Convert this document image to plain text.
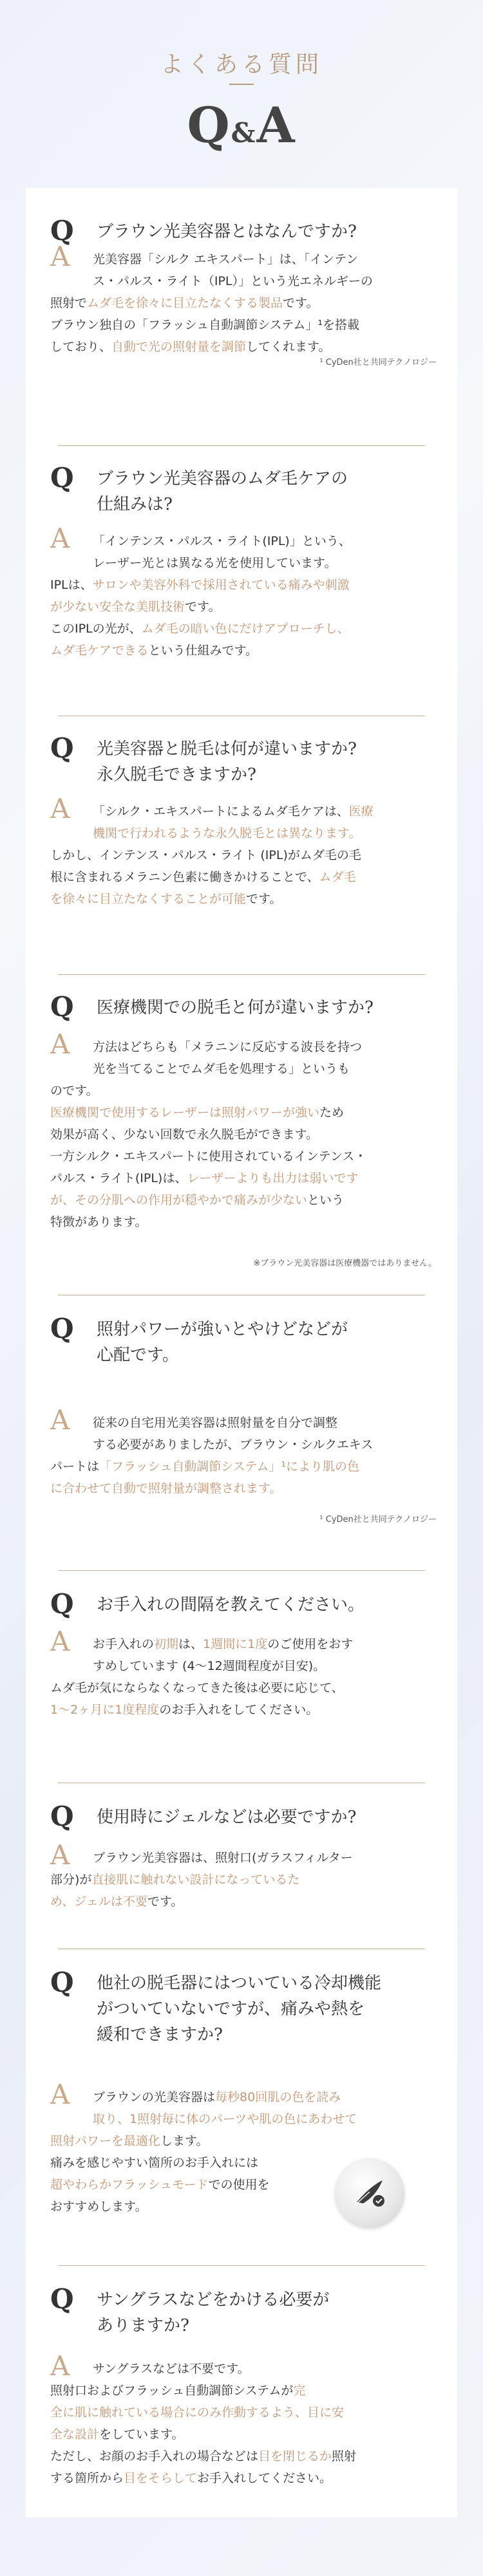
よくある質問
Q&A
Q ブラウン光美容器とはなんですか?
A	光美容器「シルク エキスパート」は、「インテン

ス・パルス・ライト（IPL）」という光エネルギーの

照射でムダ毛を徐々に目立たなくする製品です。

ブラウン独自の「フラッシュ自動調節システム」¹を搭載

しており、自動で光の照射量を調節してくれます。

¹ CyDen社と共同テクノロジー
Q ブラウン光美容器のムダ毛ケアの
仕組みは?
A	「インテンス・パルス・ライト(IPL)」という、

レーザー光とは異なる光を使用しています。

IPLは、サロンや美容外科で採用されている痛みや刺激

が少ない安全な美肌技術です。

このIPLの光が、ムダ毛の暗い色にだけアプローチし、

ムダ毛ケアできるという仕組みです。

Q 光美容器と脱毛は何が違いますか?
永久脱毛できますか?
A	「シルク・エキスパートによるムダ毛ケアは、医療

機関で行われるような永久脱毛とは異なります。

しかし、インテンス・パルス・ライト (IPL)がムダ毛の毛

根に含まれるメラニン色素に働きかけることで、ムダ毛

を徐々に目立たなくすることが可能です。

Q 医療機関での脱毛と何が違いますか?
A	方法はどちらも「メラニンに反応する波長を持つ

光を当てることでムダ毛を処理する」というも

のです。

医療機関で使用するレーザーは照射パワーが強いため

効果が高く、少ない回数で永久脱毛ができます。

一方シルク・エキスパートに使用されているインテンス・

パルス・ライト(IPL)は、レーザーよりも出力は弱いです

が、その分肌への作用が穏やかで痛みが少ないという

特徴があります。

※ブラウン光美容器は医療機器ではありません。
Q 照射パワーが強いとやけどなどが
心配です。
A	従来の自宅用光美容器は照射量を自分で調整

する必要がありましたが、ブラウン・シルクエキス

パートは「フラッシュ自動調節システム」¹により肌の色

に合わせて自動で照射量が調整されます。

¹ CyDen社と共同テクノロジー
Q お手入れの間隔を教えてください。
A	お手入れの初期は、1週間に1度のご使用をおす

すめしています (4〜12週間程度が目安)。

ムダ毛が気にならなくなってきた後は必要に応じて、

1〜2ヶ月に1度程度のお手入れをしてください。

Q 使用時にジェルなどは必要ですか?
A	ブラウン光美容器は、照射口(ガラスフィルター

部分)が直接肌に触れない設計になっているた

め、ジェルは不要です。

Q 他社の脱毛器にはついている冷却機能
がついていないですが、痛みや熱を
緩和できますか?
A	ブラウンの光美容器は毎秒80回肌の色を読み

取り、1照射毎に体のパーツや肌の色にあわせて

照射パワーを最適化します。

痛みを感じやすい箇所のお手入れには

超やわらかフラッシュモードでの使用を

おすすめします。

Q サングラスなどをかける必要が
ありますか?
A	サングラスなどは不要です。

照射口およびフラッシュ自動調節システムが完

全に肌に触れている場合にのみ作動するよう、目に安

全な設計をしています。

ただし、お顔のお手入れの場合などは目を閉じるか照射

する箇所から目をそらしてお手入れしてください。
